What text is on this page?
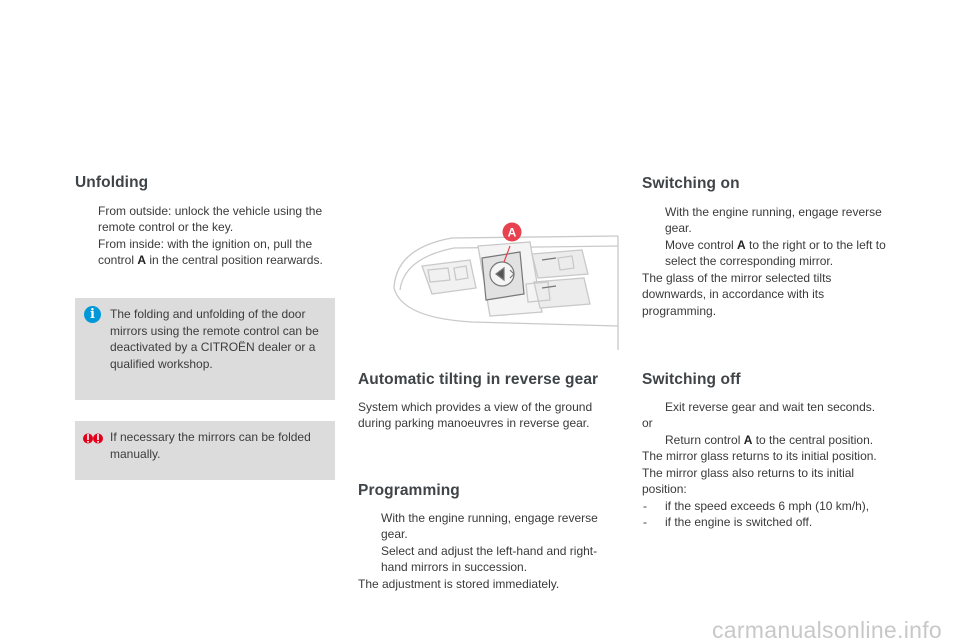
Unfolding

From outside: unlock the vehicle using the remote control or the key.

From inside: with the ignition on, pull the control A in the central position rearwards.

i	The folding and unfolding of the door mirrors using the remote control can be deactivated by a CITROËN dealer or a qualified workshop.
If necessary the mirrors can be folded manually.
A
Automatic tilting in reverse gear

System which provides a view of the ground during parking manoeuvres in reverse gear.

Programming

With the engine running, engage reverse gear.

Select and adjust the left-hand and right-hand mirrors in succession.

The adjustment is stored immediately.

Switching on

With the engine running, engage reverse gear.

Move control A to the right or to the left to select the corresponding mirror.

The glass of the mirror selected tilts downwards, in accordance with its programming.

Switching off

Exit reverse gear and wait ten seconds.

or

Return control A to the central position.

The mirror glass returns to its initial position.

The mirror glass also returns to its initial position:

- if the speed exceeds 6 mph (10 km/h),

- if the engine is switched off.

carmanualsonline.info
